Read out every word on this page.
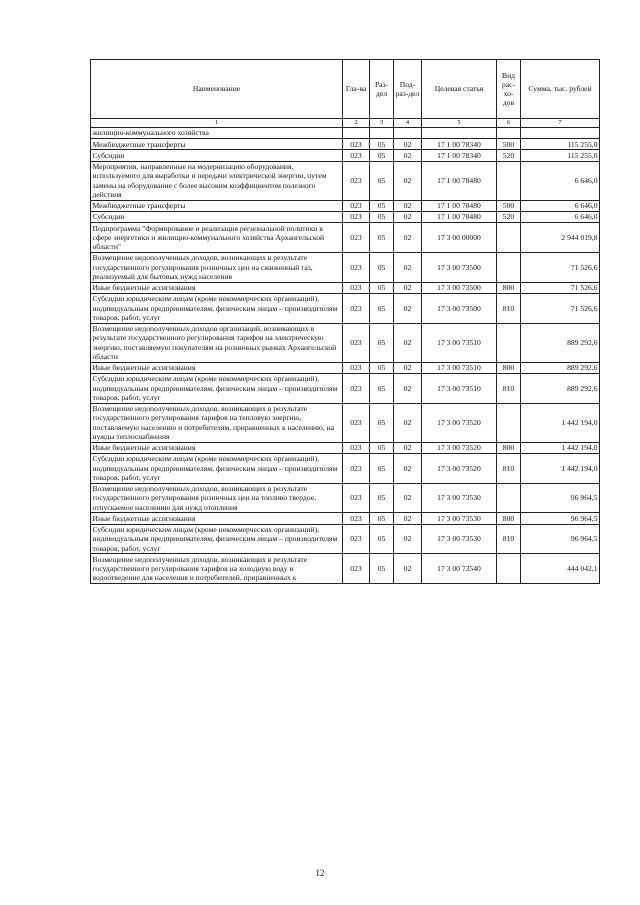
Наименование	Гла-ва	Раз-дел	Под-раз-дел	Целевая статья	Вид рас-хо-дов	Сумма, тыс. рублей
1	2	3	4	5	6	7
жилищно-коммунального хозяйства						
Межбюджетные трансферты	023	05	02	17 1 00 78340	500	115 255,0
Субсидии	023	05	02	17 1 00 78340	520	115 255,0
Мероприятия, направленные на модернизацию оборудования, используемого для выработки и передачи электрической энергии, путем замены на оборудование с более высоким коэффициентом полезного действия	023	05	02	17 1 00 78480		6 646,0
Межбюджетные трансферты	023	05	02	17 1 00 78480	500	6 646,0
Субсидии	023	05	02	17 1 00 78480	520	6 646,0
Подпрограмма "Формирование и реализация региональной политики в сфере энергетики и жилищно-коммунального хозяйства Архангельской области"	023	05	02	17 3 00 00000		2 944 019,8
Возмещение недополученных доходов, возникающих в результате государственного регулирования розничных цен на сжиженный газ, реализуемый для бытовых нужд населения	023	05	02	17 3 00 73500		71 526,6
Иные бюджетные ассигнования	023	05	02	17 3 00 73500	800	71 526,6
Субсидии юридическим лицам (кроме некоммерческих организаций), индивидуальным предпринимателям, физическим лицам – производителям товаров, работ, услуг	023	05	02	17 3 00 73500	810	71 526,6
Возмещение недополученных доходов организаций, возникающих в результате государственного регулирования тарифов на электрическую энергию, поставляемую покупателям на розничных рынках Архангельской области	023	05	02	17 3 00 73510		889 292,6
Иные бюджетные ассигнования	023	05	02	17 3 00 73510	800	889 292,6
Субсидии юридическим лицам (кроме некоммерческих организаций), индивидуальным предпринимателям, физическим лицам – производителям товаров, работ, услуг	023	05	02	17 3 00 73510	810	889 292,6
Возмещение недополученных доходов, возникающих в результате государственного регулирования тарифов на тепловую энергию, поставляемую населению и потребителям, приравненных к населению, на нужды теплоснабжения	023	05	02	17 3 00 73520		1 442 194,0
Иные бюджетные ассигнования	023	05	02	17 3 00 73520	800	1 442 194,0
Субсидии юридическим лицам (кроме некоммерческих организаций), индивидуальным предпринимателям, физическим лицам – производителям товаров, работ, услуг	023	05	02	17 3 00 73520	810	1 442 194,0
Возмещение недополученных доходов, возникающих в результате государственного регулирования розничных цен на топливо твердое, отпускаемое населению для нужд отопления	023	05	02	17 3 00 73530		96 964,5
Иные бюджетные ассигнования	023	05	02	17 3 00 73530	800	96 964,5
Субсидии юридическим лицам (кроме некоммерческих организаций), индивидуальным предпринимателям, физическим лицам – производителям товаров, работ, услуг	023	05	02	17 3 00 73530	810	96 964,5
Возмещение недополученных доходов, возникающих в результате государственного регулирования тарифов на холодную воду и водоотведение для населения и потребителей, приравненных к	023	05	02	17 3 00 73540		444 042,1
12
